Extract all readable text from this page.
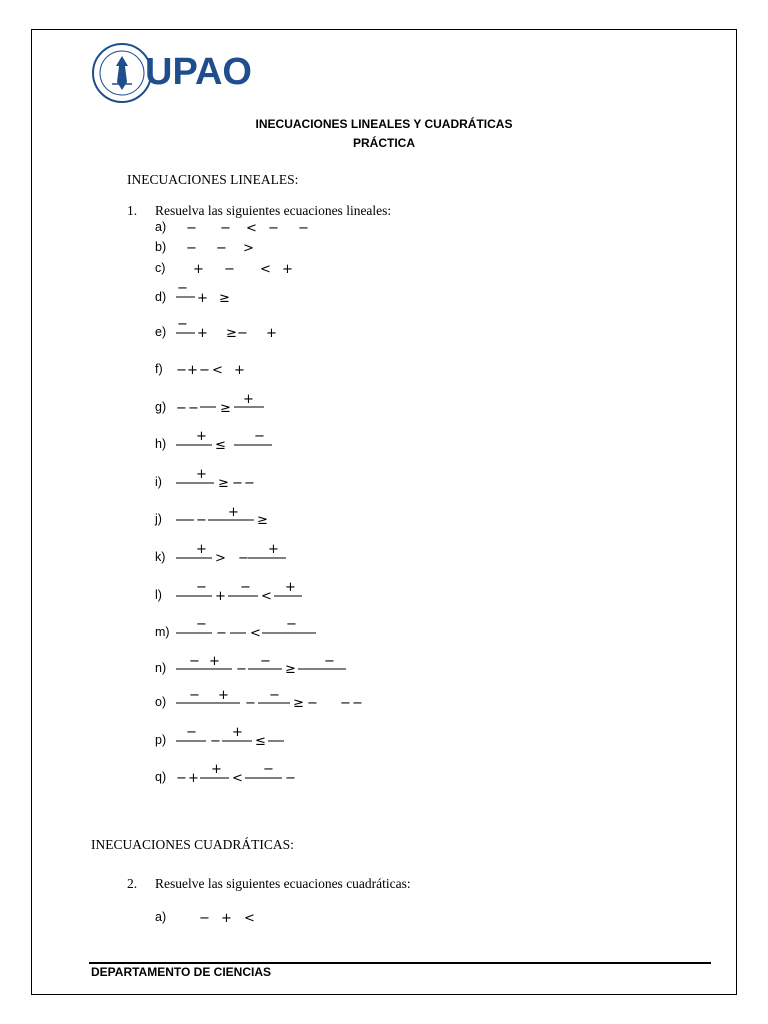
UPAO
INECUACIONES LINEALES Y CUADRÁTICAS
PRÁCTICA
INECUACIONES LINEALES:
1. Resuelva las siguientes ecuaciones lineales:
a)
b)
c)
d)
e)
f)
g)
h)
i)
j)
k)
l)
m)
n)
o)
p)
q)
− − < − −
− − >
+ − < +
−
+ ≥
−
+ ≥ − +
− + − < +
− − ≥
+
+
≤
−
+
≥ − −
−
+
≥
+
> −
+
−
+
−
<
+
−
− <
−
− +
−
−
≥
−
− +
−
−
≥ − − −
−
−
+
≤
− +
+
<
−
−
− + <
INECUACIONES CUADRÁTICAS:
2. Resuelve las siguientes ecuaciones cuadráticas:
a)
DEPARTAMENTO DE CIENCIAS
